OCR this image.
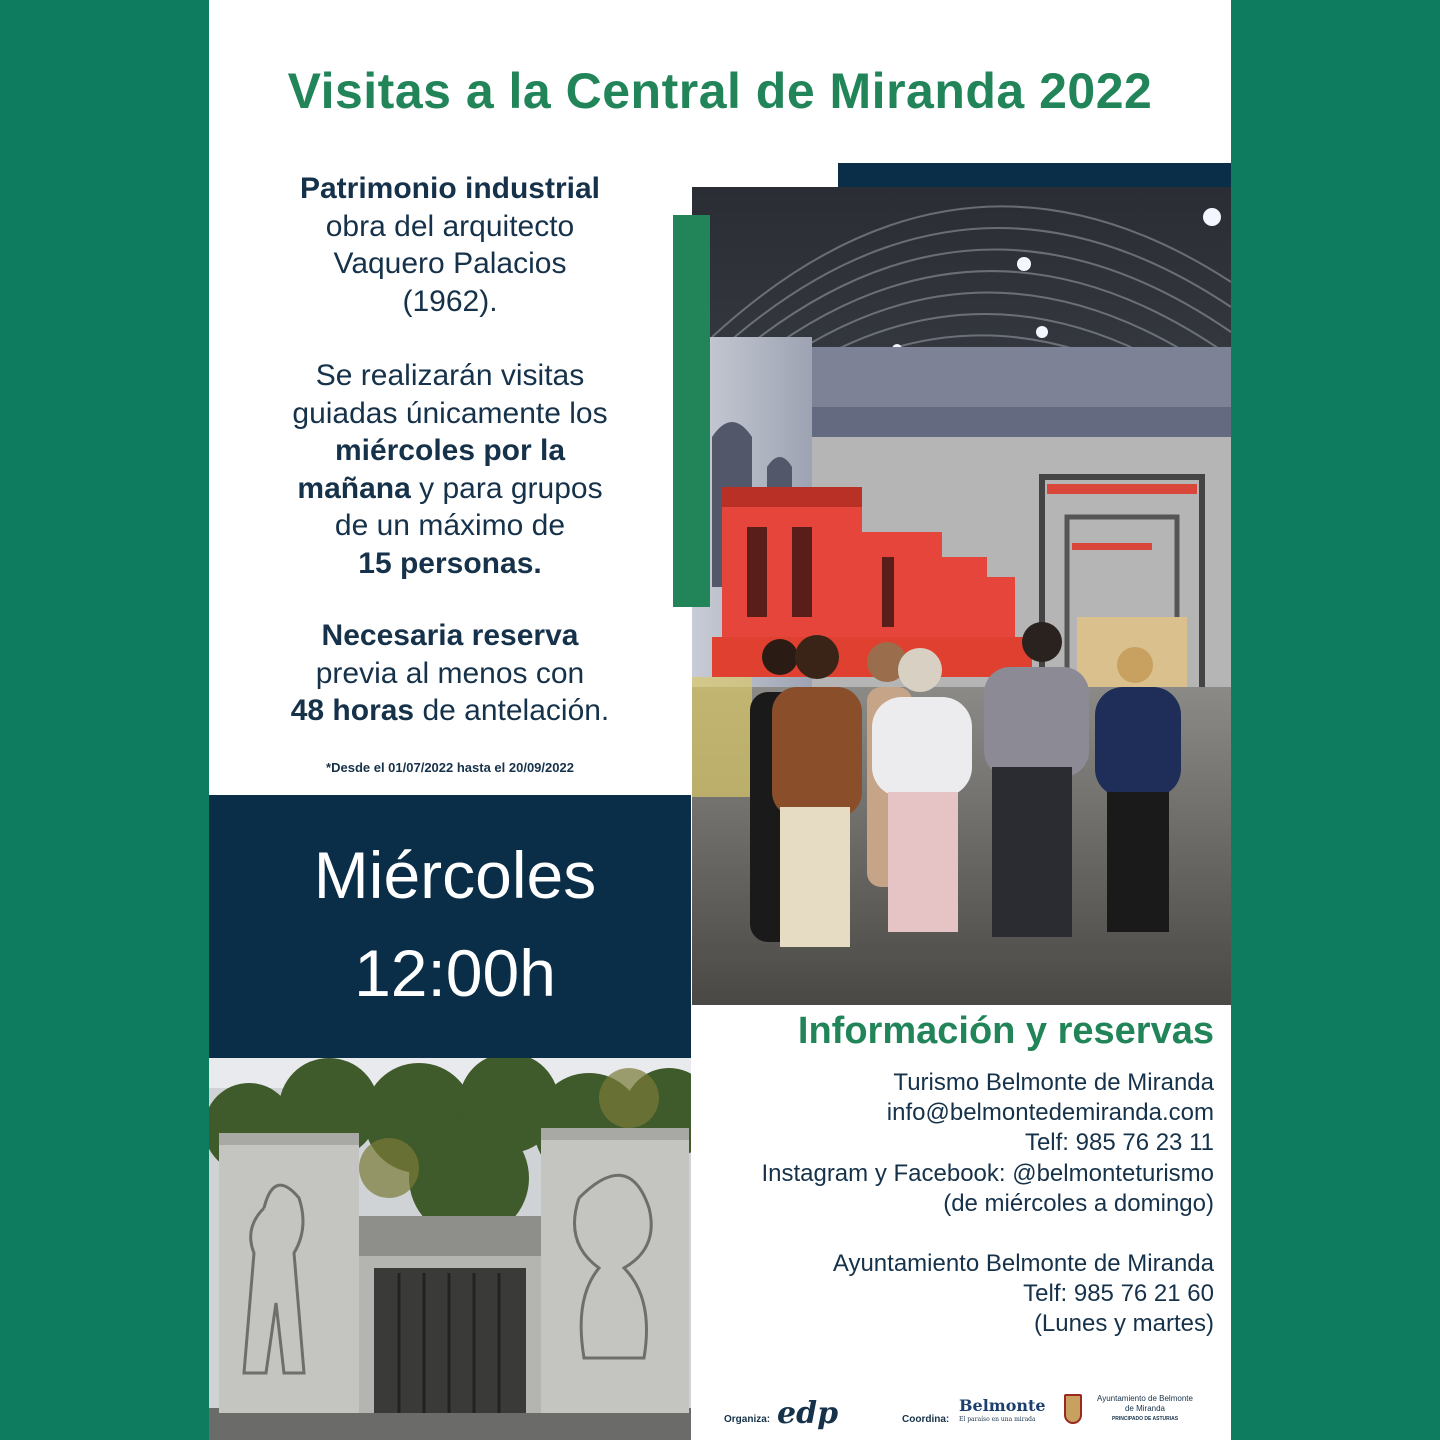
Visitas a la Central de Miranda 2022
Patrimonio industrial
obra del arquitecto
Vaquero Palacios
(1962).
Se realizarán visitas
guiadas únicamente los
miércoles por la
mañana y para grupos
de un máximo de
15 personas.
Necesaria reserva
previa al menos con
48 horas de antelación.
*Desde el 01/07/2022 hasta el 20/09/2022
Miércoles
12:00h
Información y reservas
Turismo Belmonte de Miranda
info@belmontedemiranda.com
Telf: 985 76 23 11
Instagram y Facebook: @belmonteturismo
(de miércoles a domingo)
Ayuntamiento Belmonte de Miranda
Telf: 985 76 21 60
(Lunes y martes)
Organiza: edp	Coordina:
Belmonte
El paraíso en una mirada
Ayuntamiento de Belmonte
de Miranda
PRINCIPADO DE ASTURIAS
